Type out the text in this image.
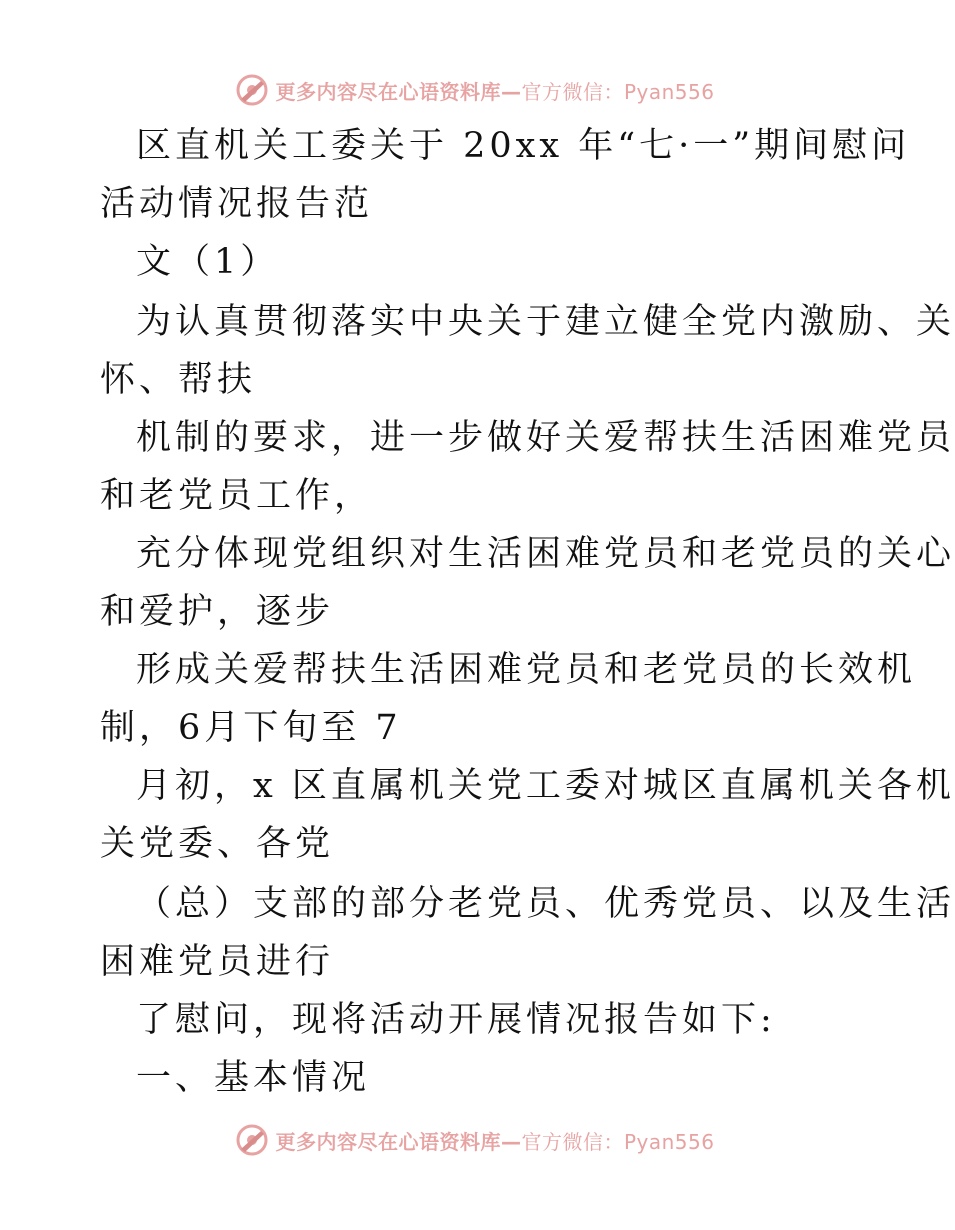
更多内容尽在心语资料库—官方微信：Pyan556
区直机关工委关于 20xx 年“七·一”期间慰问
活动情况报告范
文（1）
为认真贯彻落实中央关于建立健全党内激励、关
怀、帮扶
机制的要求，进一步做好关爱帮扶生活困难党员
和老党员工作，
充分体现党组织对生活困难党员和老党员的关心
和爱护，逐步
形成关爱帮扶生活困难党员和老党员的长效机
制，6月下旬至 7
月初，x 区直属机关党工委对城区直属机关各机
关党委、各党
（总）支部的部分老党员、优秀党员、以及生活
困难党员进行
了慰问，现将活动开展情况报告如下:
一、基本情况
更多内容尽在心语资料库—官方微信：Pyan556
